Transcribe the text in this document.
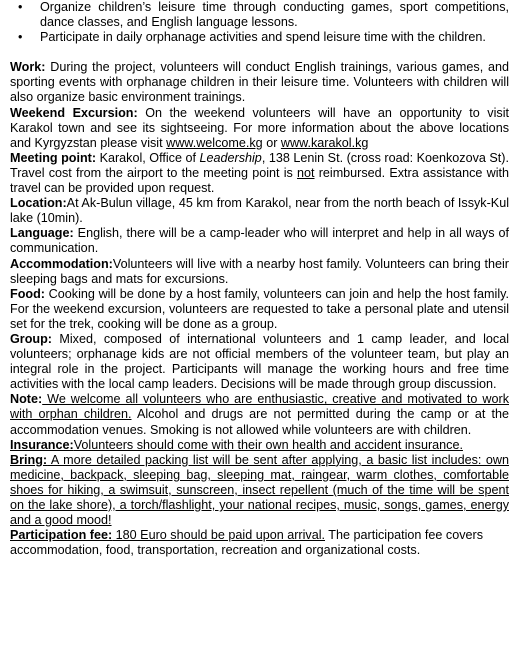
• Organize children’s leisure time through conducting games, sport competitions, dance classes, and English language lessons.
• Participate in daily orphanage activities and spend leisure time with the children.

Work: During the project, volunteers will conduct English trainings, various games, and sporting events with orphanage children in their leisure time. Volunteers with children will also organize basic environment trainings.

Weekend Excursion: On the weekend volunteers will have an opportunity to visit Karakol town and see its sightseeing. For more information about the above locations and Kyrgyzstan please visit www.welcome.kg or www.karakol.kg

Meeting point: Karakol, Office of Leadership, 138 Lenin St. (cross road: Koenkozova St). Travel cost from the airport to the meeting point is not reimbursed. Extra assistance with travel can be provided upon request.

Location:At Ak-Bulun village, 45 km from Karakol, near from the north beach of Issyk-Kul lake (10min).

Language: English, there will be a camp-leader who will interpret and help in all ways of communication.

Accommodation:Volunteers will live with a nearby host family. Volunteers can bring their sleeping bags and mats for excursions.

Food: Cooking will be done by a host family, volunteers can join and help the host family. For the weekend excursion, volunteers are requested to take a personal plate and utensil set for the trek, cooking will be done as a group.

Group: Mixed, composed of international volunteers and 1 camp leader, and local volunteers; orphanage kids are not official members of the volunteer team, but play an integral role in the project. Participants will manage the working hours and free time activities with the local camp leaders. Decisions will be made through group discussion.

Note: We welcome all volunteers who are enthusiastic, creative and motivated to work with orphan children. Alcohol and drugs are not permitted during the camp or at the accommodation venues. Smoking is not allowed while volunteers are with children.

Insurance:Volunteers should come with their own health and accident insurance.

Bring: A more detailed packing list will be sent after applying, a basic list includes: own medicine, backpack, sleeping bag, sleeping mat, raingear, warm clothes, comfortable shoes for hiking, a swimsuit, sunscreen, insect repellent (much of the time will be spent on the lake shore), a torch/flashlight, your national recipes, music, songs, games, energy and a good mood!

Participation fee: 180 Euro should be paid upon arrival. The participation fee covers accommodation, food, transportation, recreation and organizational costs.
